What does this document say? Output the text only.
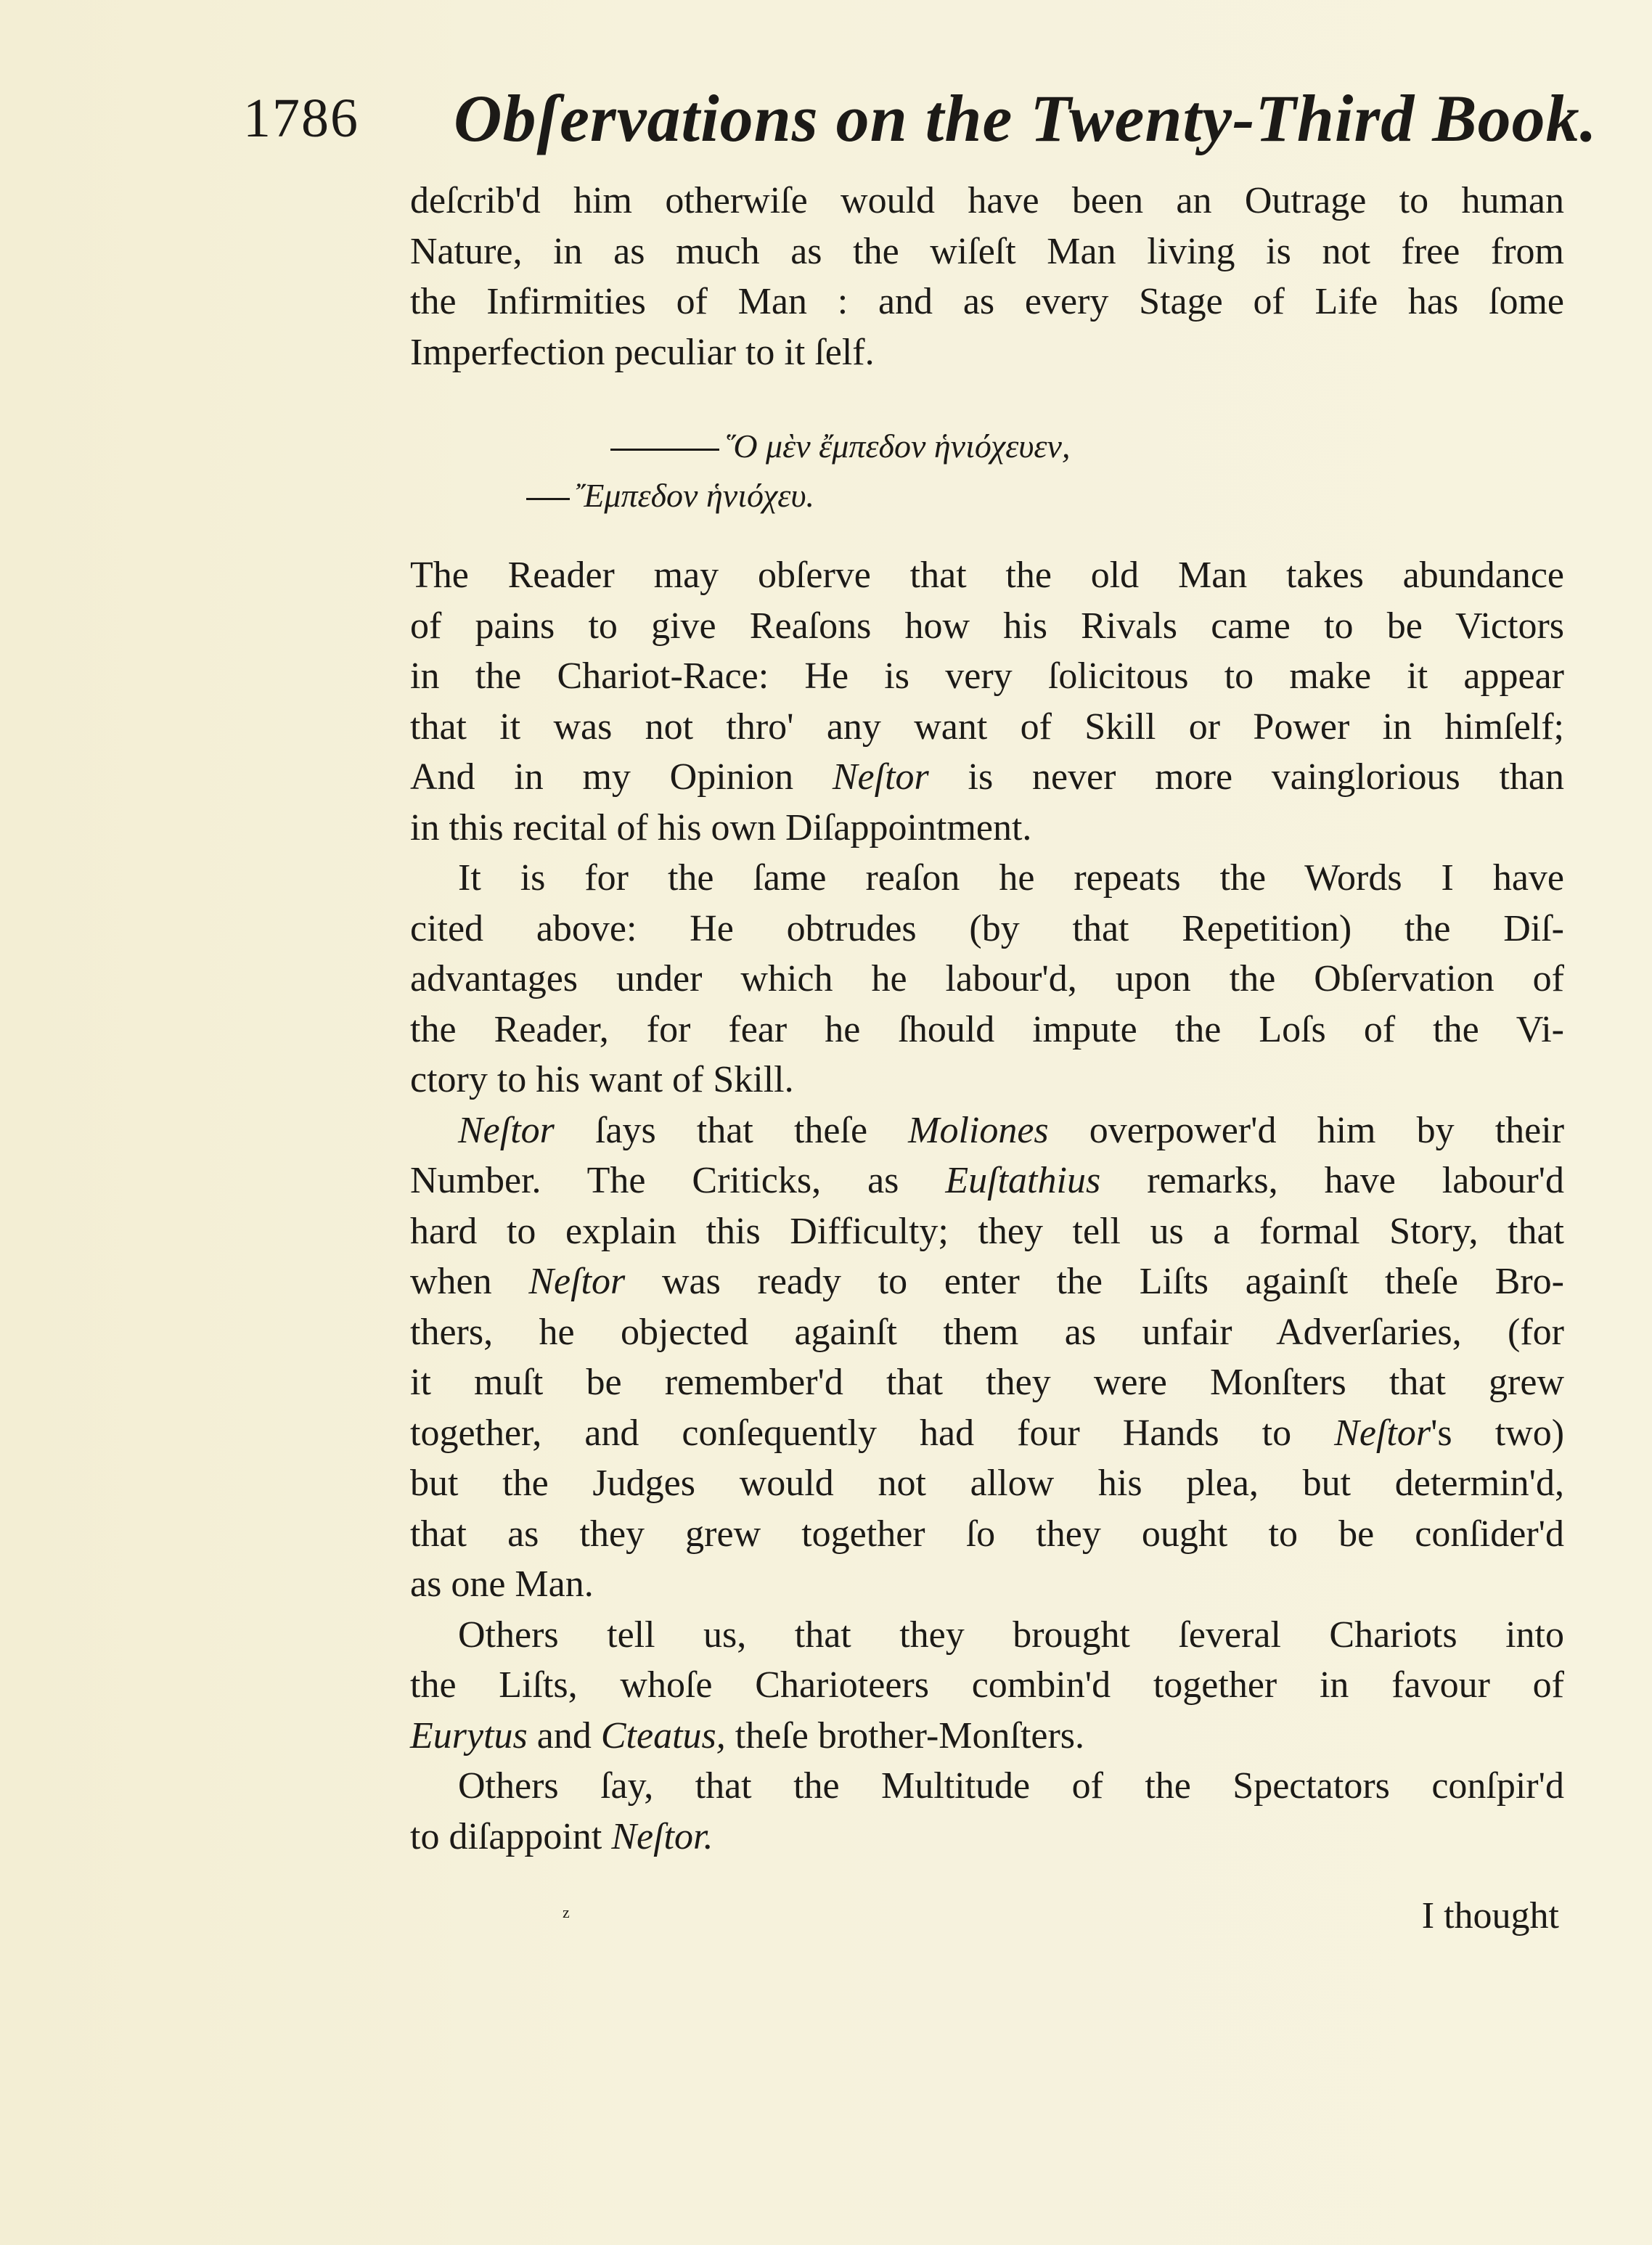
1786 Obſervations on the Twenty-Third Book.
deſcrib'd him otherwiſe would have been an Outrage to human
Nature, in as much as the wiſeſt Man living is not free from
the Infirmities of Man : and as every Stage of Life has ſome
Imperfection peculiar to it ſelf.
῞Ο μὲν ἔμπεδον ἡνιόχευεν,
῎Εμπεδον ἡνιόχευ.
The Reader may obſerve that the old Man takes abundance
of pains to give Reaſons how his Rivals came to be Victors
in the Chariot-Race: He is very ſolicitous to make it appear
that it was not thro' any want of Skill or Power in himſelf;
And in my Opinion Neſtor is never more vainglorious than
in this recital of his own Diſappointment.
It is for the ſame reaſon he repeats the Words I have
cited above: He obtrudes (by that Repetition) the Diſ-
advantages under which he labour'd, upon the Obſervation of
the Reader, for fear he ſhould impute the Loſs of the Vi-
ctory to his want of Skill.
Neſtor ſays that theſe Moliones overpower'd him by their
Number. The Criticks, as Euſtathius remarks, have labour'd
hard to explain this Difficulty; they tell us a formal Story, that
when Neſtor was ready to enter the Liſts againſt theſe Bro-
thers, he objected againſt them as unfair Adverſaries, (for
it muſt be remember'd that they were Monſters that grew
together, and conſequently had four Hands to Neſtor's two)
but the Judges would not allow his plea, but determin'd,
that as they grew together ſo they ought to be conſider'd
as one Man.
Others tell us, that they brought ſeveral Chariots into
the Liſts, whoſe Charioteers combin'd together in favour of
Eurytus and Cteatus, theſe brother-Monſters.
Others ſay, that the Multitude of the Spectators conſpir'd
to diſappoint Neſtor.
z	I thought
